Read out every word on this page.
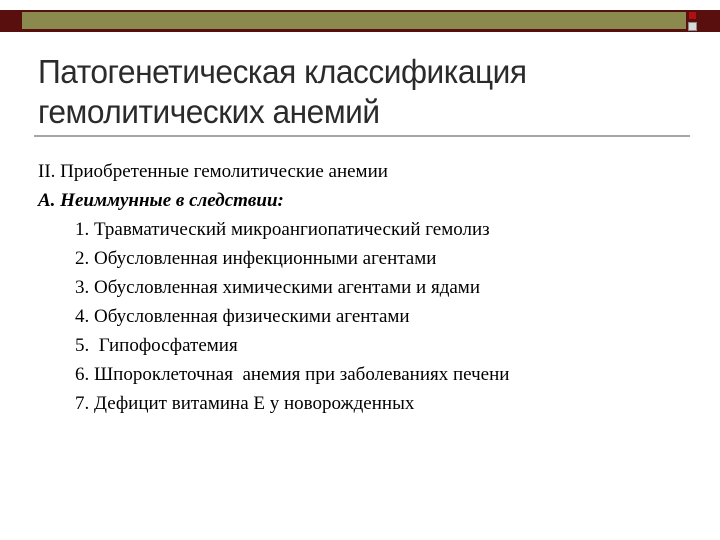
Патогенетическая классификация
гемолитических анемий
II. Приобретенные гемолитические анемии
А. Неиммунные в следствии:
1. Травматический микроангиопатический гемолиз
2. Обусловленная инфекционными агентами
3. Обусловленная химическими агентами и ядами
4. Обусловленная физическими агентами
5.  Гипофосфатемия
6. Шпороклеточная  анемия при заболеваниях печени
7. Дефицит витамина Е у новорожденных
